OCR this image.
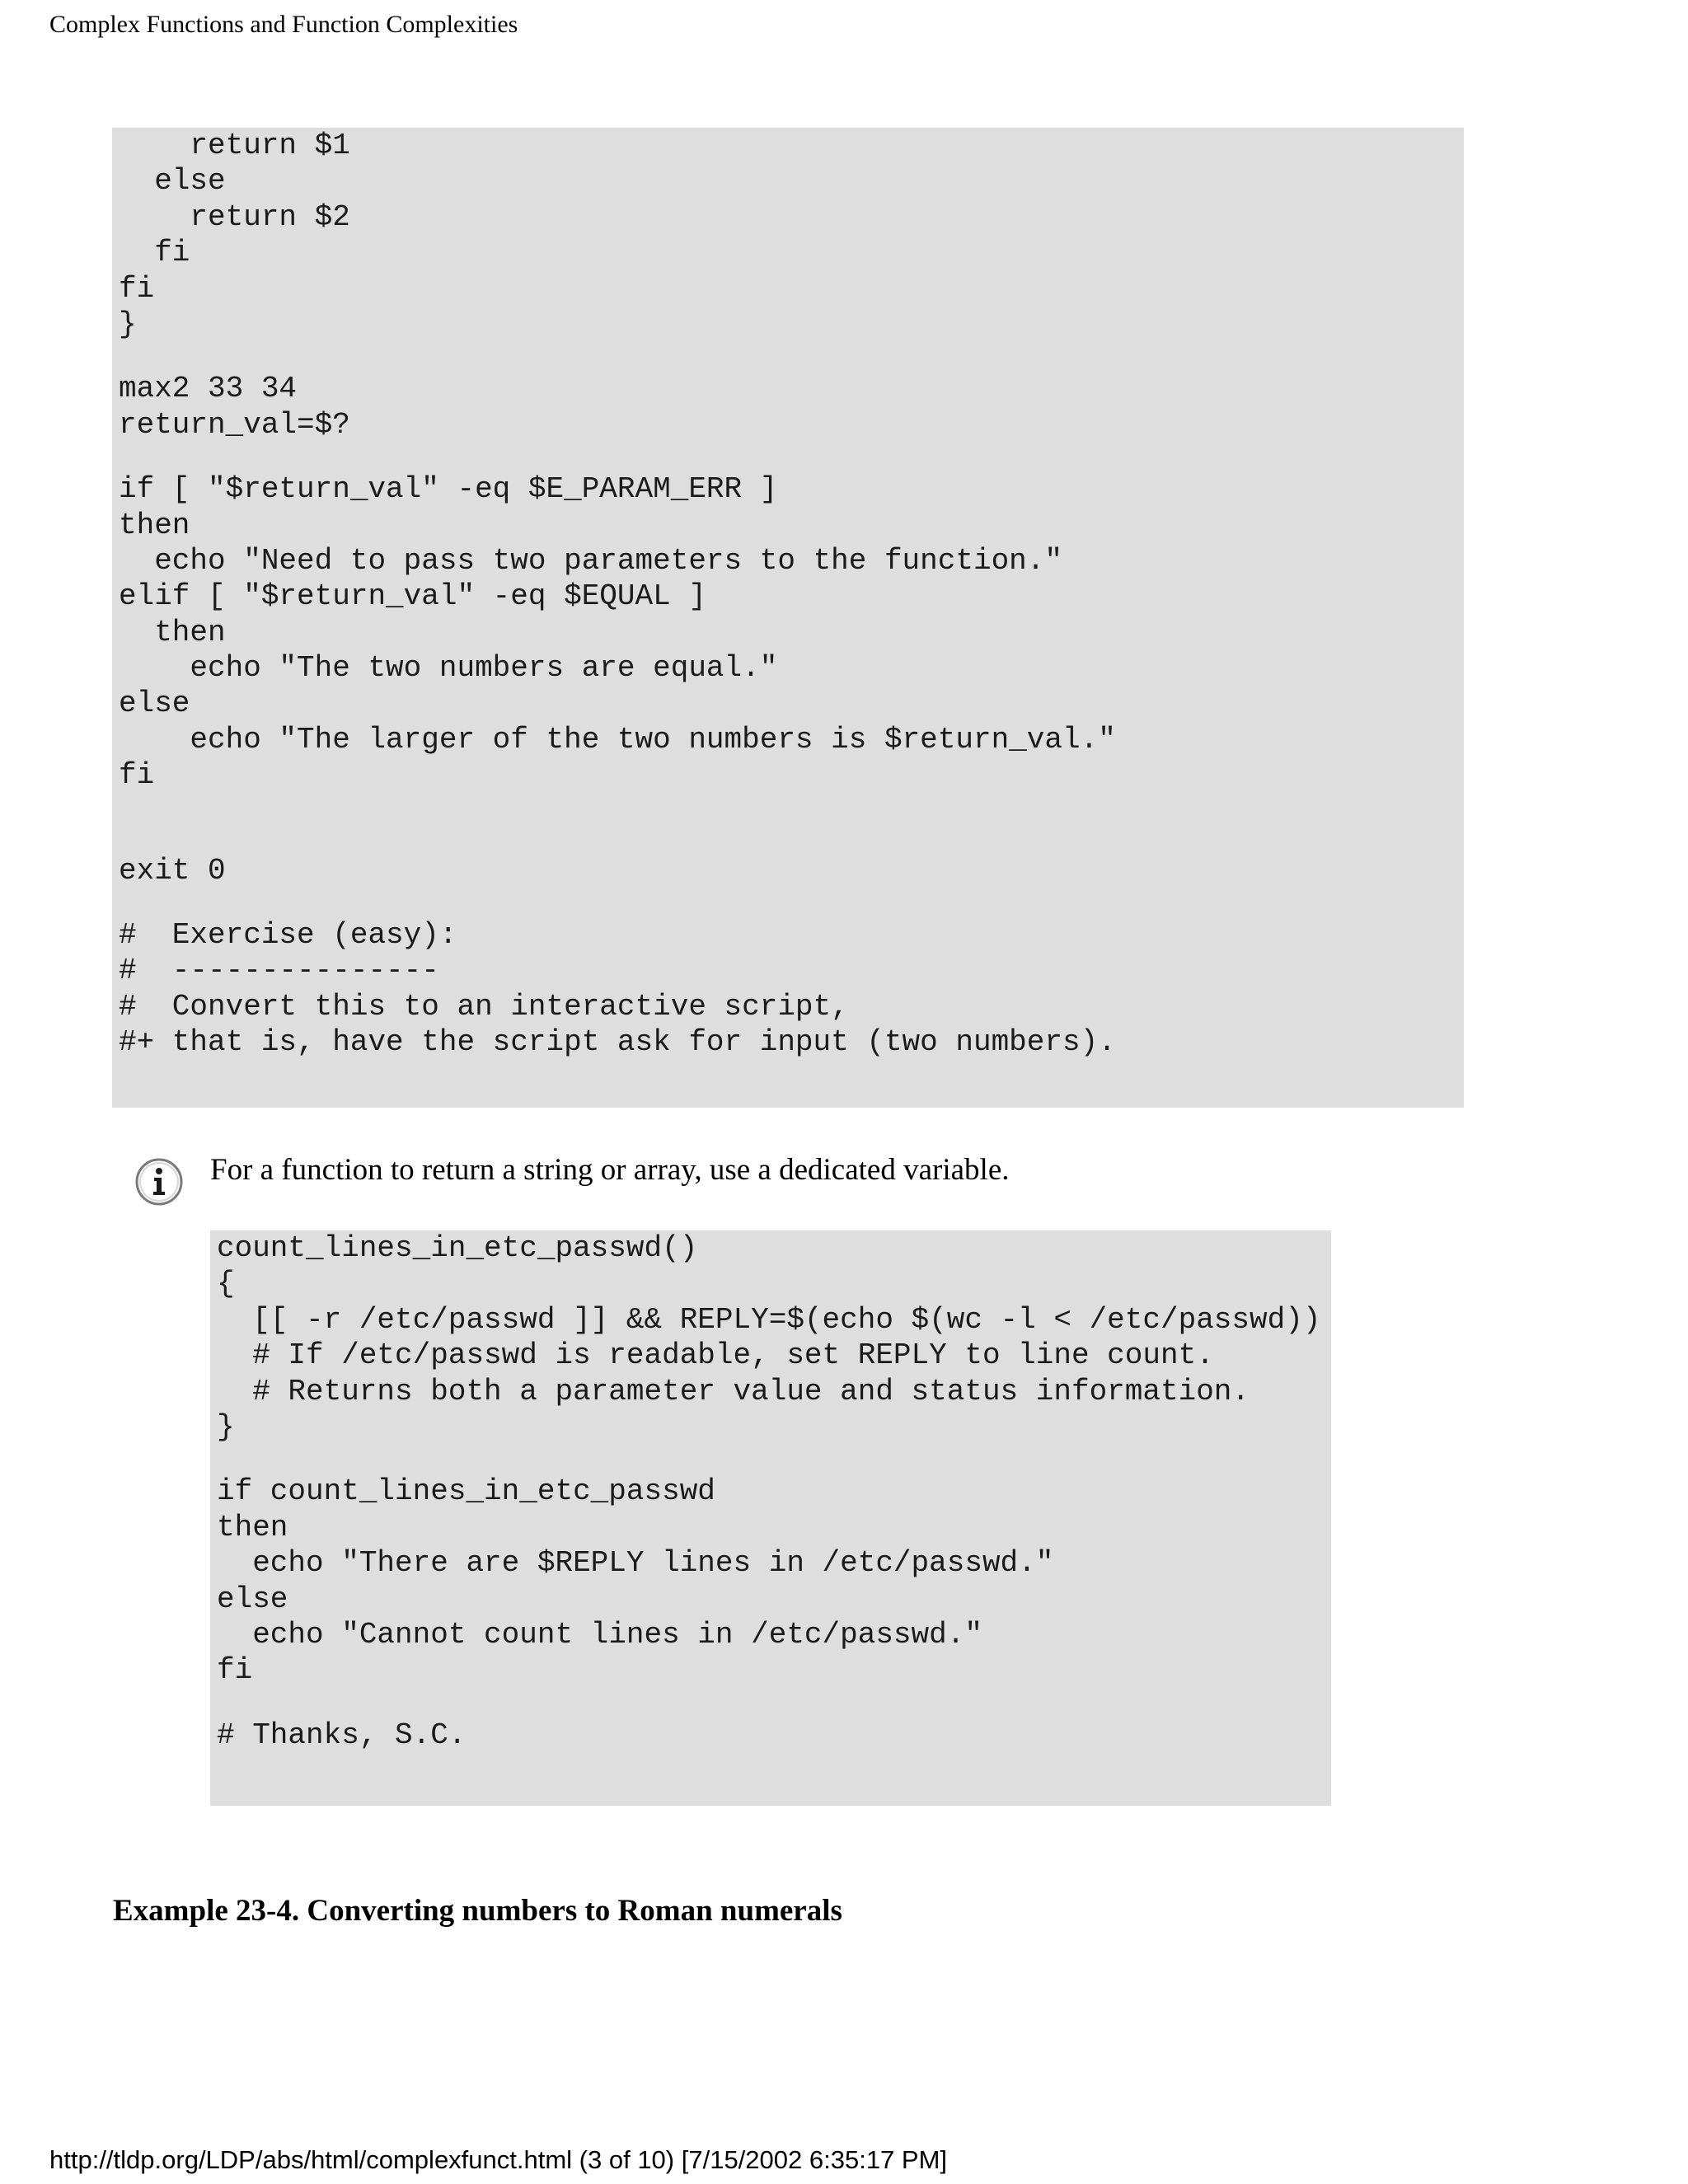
Complex Functions and Function Complexities
return $1
else
return $2
fi
fi
}
max2 33 34
return_val=$?
if [ "$return_val" -eq $E_PARAM_ERR ]
then
echo "Need to pass two parameters to the function."
elif [ "$return_val" -eq $EQUAL ]
then
echo "The two numbers are equal."
else
echo "The larger of the two numbers is $return_val."
fi
exit 0
#  Exercise (easy):
#  ---------------
#  Convert this to an interactive script,
#+ that is, have the script ask for input (two numbers).
For a function to return a string or array, use a dedicated variable.
count_lines_in_etc_passwd()
{
[[ -r /etc/passwd ]] && REPLY=$(echo $(wc -l < /etc/passwd))
# If /etc/passwd is readable, set REPLY to line count.
# Returns both a parameter value and status information.
}
if count_lines_in_etc_passwd
then
echo "There are $REPLY lines in /etc/passwd."
else
echo "Cannot count lines in /etc/passwd."
fi
# Thanks, S.C.
Example 23-4. Converting numbers to Roman numerals
http://tldp.org/LDP/abs/html/complexfunct.html (3 of 10) [7/15/2002 6:35:17 PM]
